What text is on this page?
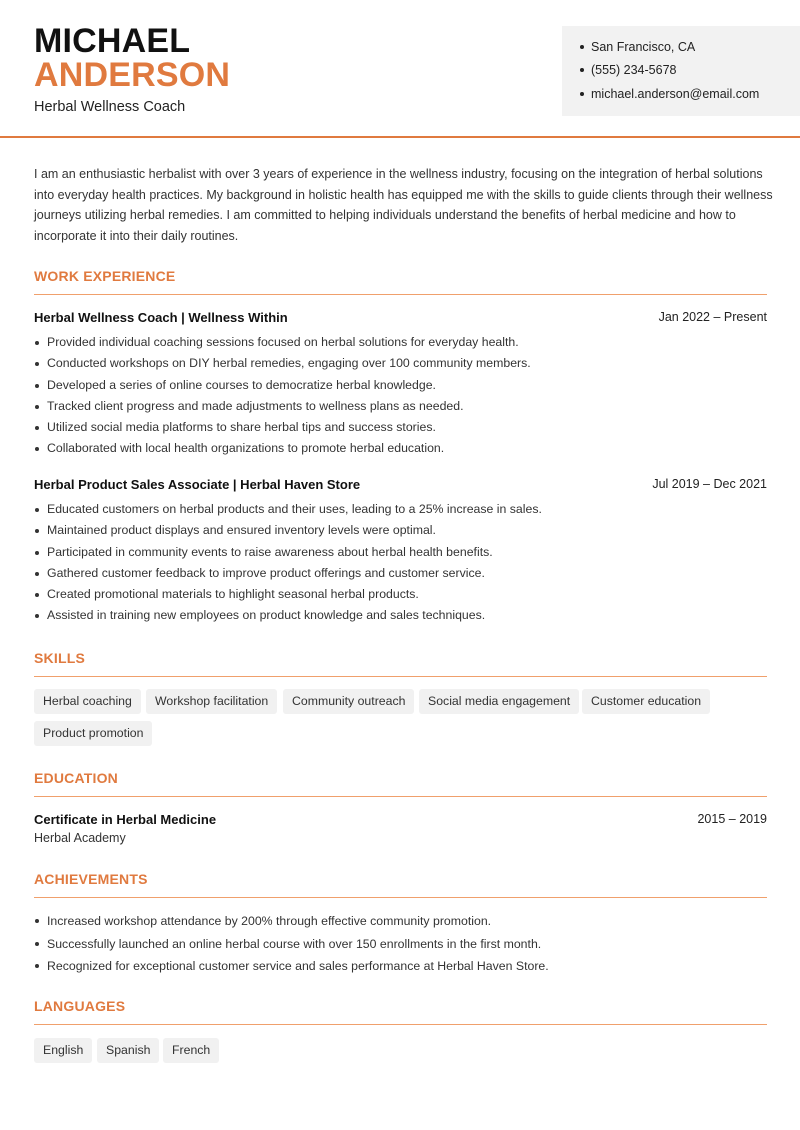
MICHAEL
ANDERSON
Herbal Wellness Coach
San Francisco, CA
(555) 234-5678
michael.anderson@email.com
I am an enthusiastic herbalist with over 3 years of experience in the wellness industry, focusing on the integration of herbal solutions into everyday health practices. My background in holistic health has equipped me with the skills to guide clients through their wellness journeys utilizing herbal remedies. I am committed to helping individuals understand the benefits of herbal medicine and how to incorporate it into their daily routines.
WORK EXPERIENCE
Herbal Wellness Coach | Wellness Within	Jan 2022 – Present
Provided individual coaching sessions focused on herbal solutions for everyday health.
Conducted workshops on DIY herbal remedies, engaging over 100 community members.
Developed a series of online courses to democratize herbal knowledge.
Tracked client progress and made adjustments to wellness plans as needed.
Utilized social media platforms to share herbal tips and success stories.
Collaborated with local health organizations to promote herbal education.
Herbal Product Sales Associate | Herbal Haven Store	Jul 2019 – Dec 2021
Educated customers on herbal products and their uses, leading to a 25% increase in sales.
Maintained product displays and ensured inventory levels were optimal.
Participated in community events to raise awareness about herbal health benefits.
Gathered customer feedback to improve product offerings and customer service.
Created promotional materials to highlight seasonal herbal products.
Assisted in training new employees on product knowledge and sales techniques.
SKILLS
Herbal coaching	Workshop facilitation	Community outreach	Social media engagement	Customer education
Product promotion
EDUCATION
Certificate in Herbal Medicine	2015 – 2019
Herbal Academy
ACHIEVEMENTS
Increased workshop attendance by 200% through effective community promotion.
Successfully launched an online herbal course with over 150 enrollments in the first month.
Recognized for exceptional customer service and sales performance at Herbal Haven Store.
LANGUAGES
English	Spanish	French
